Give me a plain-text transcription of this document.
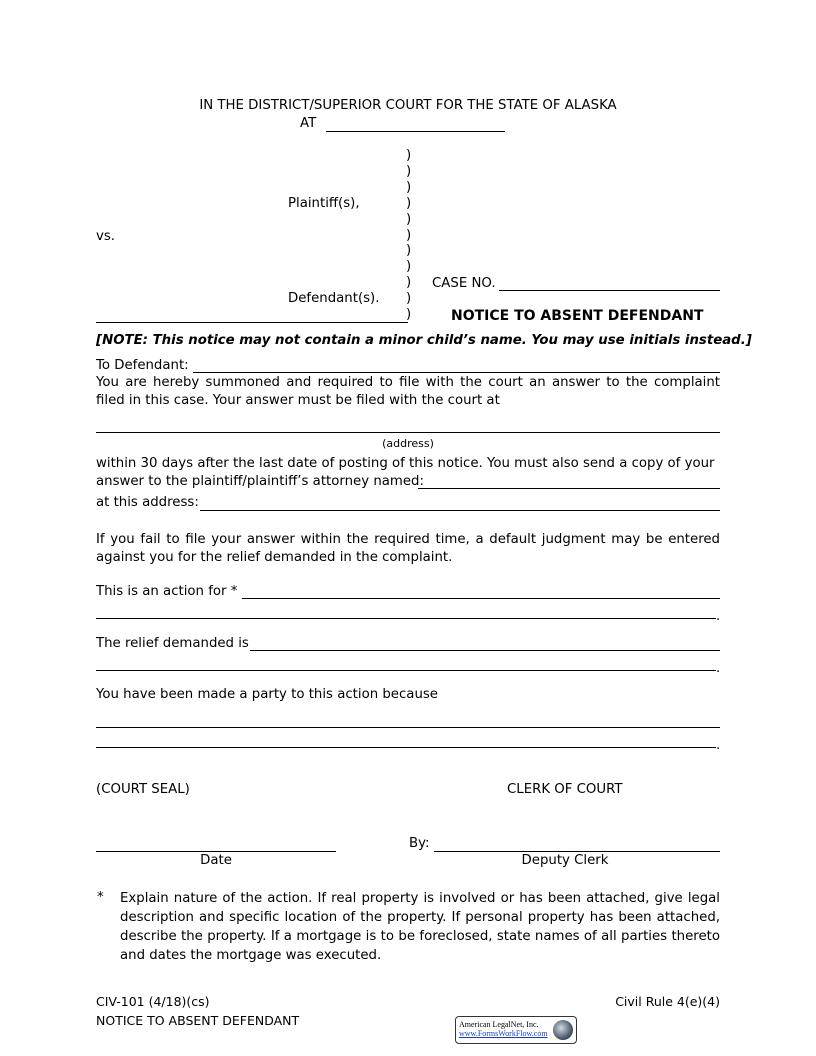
IN THE DISTRICT/SUPERIOR COURT FOR THE STATE OF ALASKA
AT
)
)
)
)
)
)
)
)
)
)
)
Plaintiff(s),
vs.
Defendant(s).
CASE NO.
NOTICE TO ABSENT DEFENDANT
[NOTE: This notice may not contain a minor child’s name. You may use initials instead.]
To Defendant:
You are hereby summoned and required to file with the court an answer to the complaint filed in this case. Your answer must be filed with the court at
(address)
within 30 days after the last date of posting of this notice. You must also send a copy of your
answer to the plaintiff/plaintiff’s attorney named:
at this address:
If you fail to file your answer within the required time, a default judgment may be entered against you for the relief demanded in the complaint.
This is an action for *
.
The relief demanded is
.
You have been made a party to this action because
.
(COURT SEAL)	CLERK OF COURT
Date
By:
Deputy Clerk
* Explain nature of the action. If real property is involved or has been attached, give legal description and specific location of the property. If personal property has been attached, describe the property. If a mortgage is to be foreclosed, state names of all parties thereto and dates the mortgage was executed.
CIV-101 (4/18)(cs)
NOTICE TO ABSENT DEFENDANT
Civil Rule 4(e)(4)
American LegalNet, Inc.
www.FormsWorkFlow.com
